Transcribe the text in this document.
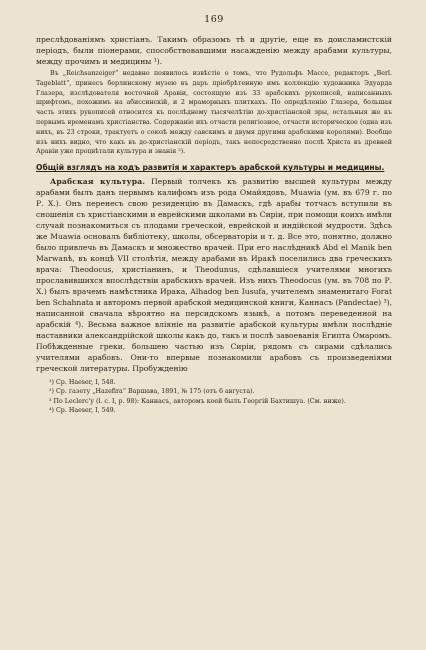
169

преслѣдованіямъ христіанъ. Такимъ образомъ тѣ и другіе, еще въ доисламистскій періодъ, были піонерами, способствовавшими насажденію между арабами культуры, между прочимъ и медицины ¹).

Въ „Reichsanzeiger“ недавно появилось извѣстіе о томъ, что Рудольфъ Массе, редакторъ „Berl. Tageblatt“, принесъ берлинскому музею въ даръ пріобрѣтенную имъ коллекцію художника Эдуарда Глазера, изслѣдователя восточной Аравіи, состоящую изъ 33 арабскихъ рукописей, написанныхъ шрифтомъ, похожимъ на абиссинскій, и 2 мраморныхъ плиткахъ. По опредѣленію Глазера, большая часть этихъ рукописей относится къ послѣднему тысячелѣтію до-христіанской эры, остальныя же къ первымъ временамъ христіанства. Содержаніе ихъ отчасти религіозное, отчасти историческое (одна изъ нихъ, въ 23 строки, трактуетъ о союзѣ между савскимъ и двумя другими арабскими королями). Вообще изъ нихъ видно, что какъ въ до-христіанскій періодъ, такъ непосредственно послѣ Христа въ древней Аравіи уже процвѣтали культура и знанія ²).

Общій взглядъ на ходъ развитія и характеръ арабской культуры и медицины.

Арабская культура. Первый толчекъ къ развитію высшей культуры между арабами былъ данъ первымъ калифомъ изъ рода Омайядовъ, Muawia (ум. въ 679 г. по Р. Х.). Онъ перенесъ свою резиденцію въ Дамаскъ, гдѣ арабы тотчасъ вступили въ сношенія съ христіанскими и еврейскими школами въ Сиріи, при помощи коихъ имѣли случай познакомиться съ плодами греческой, еврейской и индійской мудрости. Здѣсь же Muawia основалъ библіотеку, школы, обсерваторіи и т. д. Все это, понятно, должно было привлечь въ Дамаскъ и множество врачей. При его наслѣдникѣ Abd el Manik ben Marwanѣ, въ концѣ VII столѣтія, между арабами въ Иракѣ поселились два греческихъ врача: Theodocus, христіанинъ, и Theodunus, сдѣлавшіеся учителями многихъ прославившихся впослѣдствіи арабскихъ врачей. Изъ нихъ Theodocus (ум. въ 708 по Р. Х.) былъ врачемъ намѣстника Ирака, Alhadog ben Iusufa, учителемъ знаменитаго Forat ben Schahnata и авторомъ первой арабской медицинской книги, Каннасъ (Pandectae) ³), написанной сначала вѣроятно на персидскомъ языкѣ, а потомъ переведенной на арабскій ⁴). Весьма важное вліяніе на развитіе арабской культуры имѣли послѣдніе наставники александрійской школы какъ до, такъ и послѣ завоеванія Египта Омаромъ. Побѣжденные греки, большею частью изъ Сиріи, рядомъ съ сирами сдѣлались учителями арабовъ. Они-то впервые познакомили арабовъ съ произведеніями греческой литературы. Пробужденію

¹) Ср. Haeser, I, 548.
²) Ср. газету „Hazefira“ Варшава, 1891, № 175 (отъ 6 августа).
³ По Leclerc'у (l. c. I, p. 98): Каннасъ, авторомъ коей былъ Георгій Бахтишуа. (См. ниже).
⁴) Ср. Haeser, I, 549.
